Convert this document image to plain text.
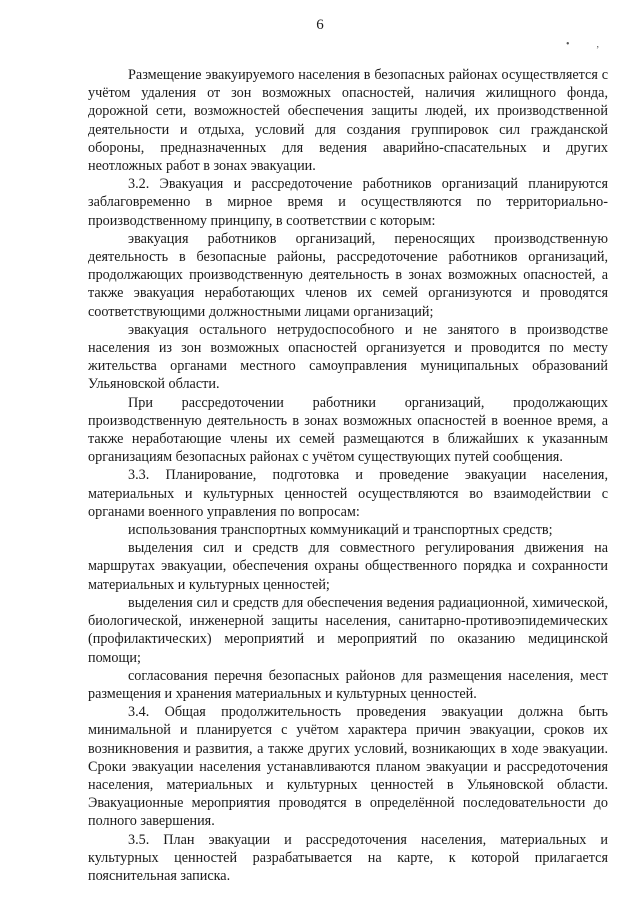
6
•	‚

Размещение эвакуируемого населения в безопасных районах осуществляется с учётом удаления от зон возможных опасностей, наличия жилищного фонда, дорожной сети, возможностей обеспечения защиты людей, их производственной деятельности и отдыха, условий для создания группировок сил гражданской обороны, предназначенных для ведения аварийно-спасательных и других неотложных работ в зонах эвакуации.

3.2. Эвакуация и рассредоточение работников организаций планируются заблаговременно в мирное время и осуществляются по территориально-производственному принципу, в соответствии с которым:

эвакуация работников организаций, переносящих производственную деятельность в безопасные районы, рассредоточение работников организаций, продолжающих производственную деятельность в зонах возможных опасностей, а также эвакуация неработающих членов их семей организуются и проводятся соответствующими должностными лицами организаций;

эвакуация остального нетрудоспособного и не занятого в производстве населения из зон возможных опасностей организуется и проводится по месту жительства органами местного самоуправления муниципальных образований Ульяновской области.

При рассредоточении работники организаций, продолжающих производственную деятельность в зонах возможных опасностей в военное время, а также неработающие члены их семей размещаются в ближайших к указанным организациям безопасных районах с учётом существующих путей сообщения.

3.3. Планирование, подготовка и проведение эвакуации населения, материальных и культурных ценностей осуществляются во взаимодействии с органами военного управления по вопросам:

использования транспортных коммуникаций и транспортных средств;

выделения сил и средств для совместного регулирования движения на маршрутах эвакуации, обеспечения охраны общественного порядка и сохранности материальных и культурных ценностей;

выделения сил и средств для обеспечения ведения радиационной, химической, биологической, инженерной защиты населения, санитарно-противоэпидемических (профилактических) мероприятий и мероприятий по оказанию медицинской помощи;

согласования перечня безопасных районов для размещения населения, мест размещения и хранения материальных и культурных ценностей.

3.4. Общая продолжительность проведения эвакуации должна быть минимальной и планируется с учётом характера причин эвакуации, сроков их возникновения и развития, а также других условий, возникающих в ходе эвакуации. Сроки эвакуации населения устанавливаются планом эвакуации и рассредоточения населения, материальных и культурных ценностей в Ульяновской области. Эвакуационные мероприятия проводятся в определённой последовательности до полного завершения.

3.5. План эвакуации и рассредоточения населения, материальных и культурных ценностей разрабатывается на карте, к которой прилагается пояснительная записка.
